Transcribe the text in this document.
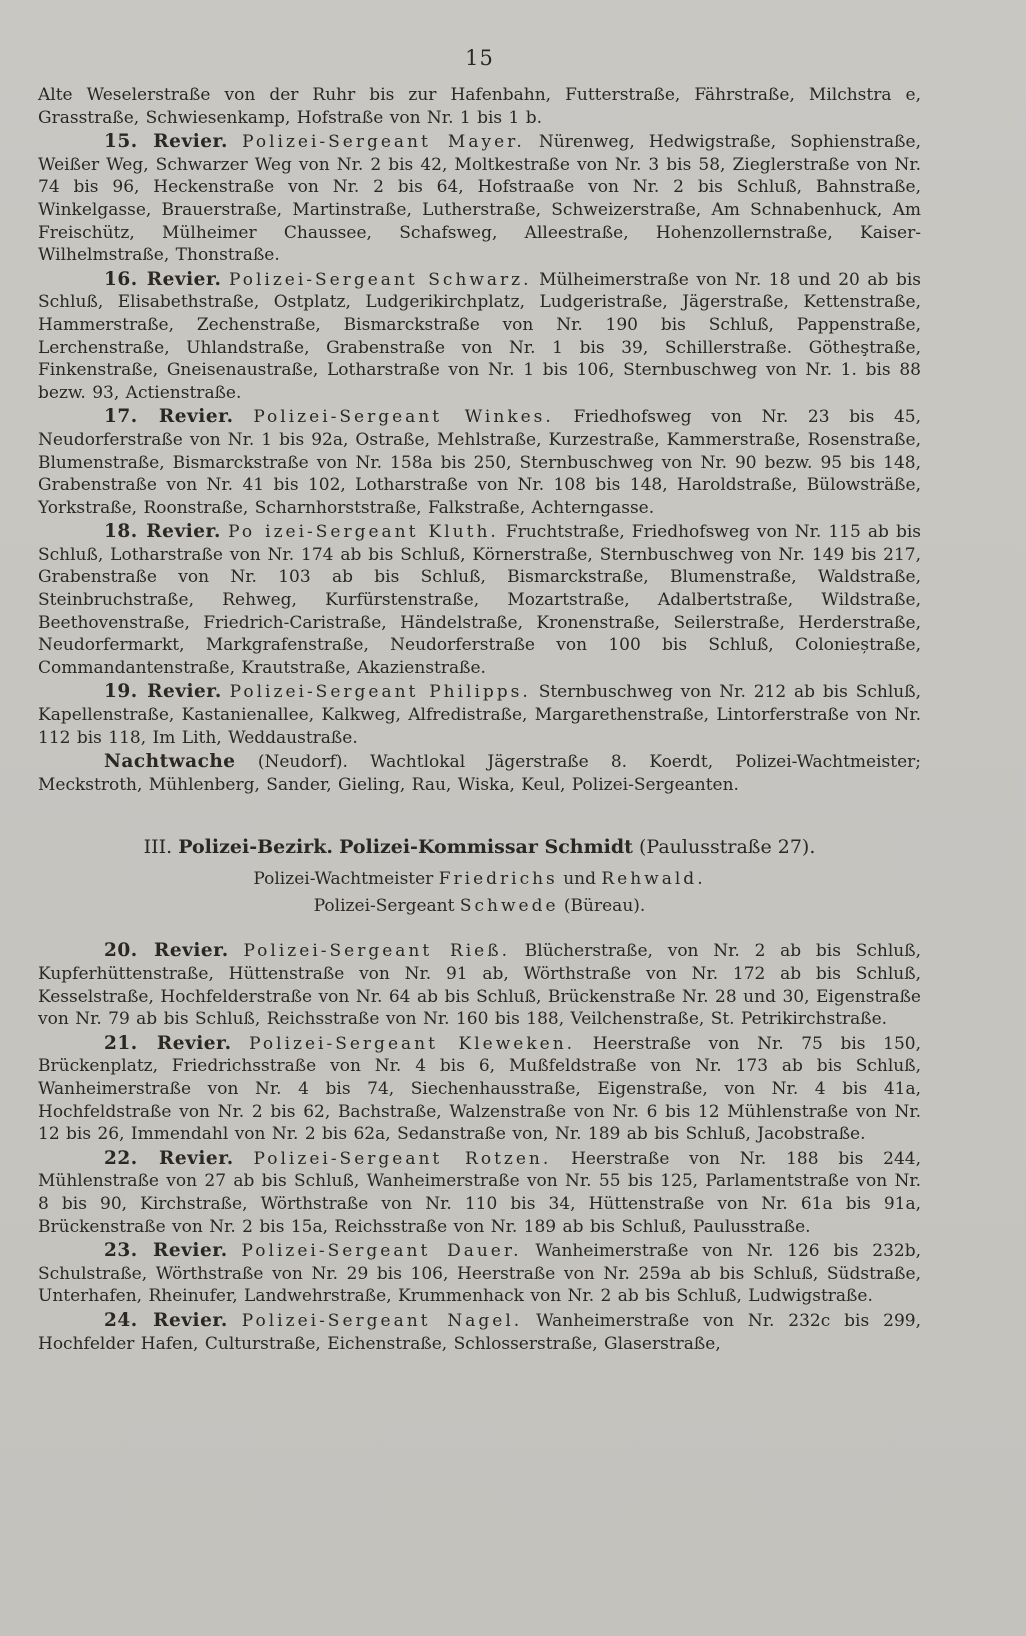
15

Alte Weselerstraße von der Ruhr bis zur Hafenbahn, Futterstraße, Fährstraße, Milchstra e, Grasstraße, Schwiesenkamp, Hofstraße von Nr. 1 bis 1 b.

15. Revier. Polizei-Sergeant Mayer. Nürenweg, Hedwigstraße, Sophienstraße, Weißer Weg, Schwarzer Weg von Nr. 2 bis 42, Moltkestraße von Nr. 3 bis 58, Zieglerstraße von Nr. 74 bis 96, Heckenstraße von Nr. 2 bis 64, Hofstraaße von Nr. 2 bis Schluß, Bahnstraße, Winkelgasse, Brauerstraße, Martinstraße, Lutherstraße, Schweizerstraße, Am Schnabenhuck, Am Freischütz, Mülheimer Chaussee, Schafsweg, Alleestraße, Hohenzollernstraße, Kaiser-Wilhelmstraße, Thonstraße.

16. Revier. Polizei-Sergeant Schwarz. Mülheimerstraße von Nr. 18 und 20 ab bis Schluß, Elisabethstraße, Ostplatz, Ludgerikirchplatz, Ludgeristraße, Jägerstraße, Kettenstraße, Hammerstraße, Zechenstraße, Bismarckstraße von Nr. 190 bis Schluß, Pappenstraße, Lerchenstraße, Uhlandstraße, Grabenstraße von Nr. 1 bis 39, Schillerstraße. Götheştraße, Finkenstraße, Gneisenaustraße, Lotharstraße von Nr. 1 bis 106, Sternbuschweg von Nr. 1. bis 88 bezw. 93, Actienstraße.

17. Revier. Polizei-Sergeant Winkes. Friedhofsweg von Nr. 23 bis 45, Neudorferstraße von Nr. 1 bis 92a, Ostraße, Mehlstraße, Kurzestraße, Kammerstraße, Rosenstraße, Blumenstraße, Bismarckstraße von Nr. 158a bis 250, Sternbuschweg von Nr. 90 bezw. 95 bis 148, Grabenstraße von Nr. 41 bis 102, Lotharstraße von Nr. 108 bis 148, Haroldstraße, Bülowsträße, Yorkstraße, Roonstraße, Scharnhorststraße, Falkstraße, Achterngasse.

18. Revier. Po izei-Sergeant Kluth. Fruchtstraße, Friedhofsweg von Nr. 115 ab bis Schluß, Lotharstraße von Nr. 174 ab bis Schluß, Körnerstraße, Sternbuschweg von Nr. 149 bis 217, Grabenstraße von Nr. 103 ab bis Schluß, Bismarckstraße, Blumenstraße, Waldstraße, Steinbruchstraße, Rehweg, Kurfürstenstraße, Mozartstraße, Adalbertstraße, Wildstraße, Beethovenstraße, Friedrich-Caristraße, Händelstraße, Kronenstraße, Seilerstraße, Herderstraße, Neudorfermarkt, Markgrafenstraße, Neudorferstraße von 100 bis Schluß, Colonieștraße, Commandantenstraße, Krautstraße, Akazienstraße.

19. Revier. Polizei-Sergeant Philipps. Sternbuschweg von Nr. 212 ab bis Schluß, Kapellenstraße, Kastanienallee, Kalkweg, Alfredistraße, Margarethenstraße, Lintorferstraße von Nr. 112 bis 118, Im Lith, Weddaustraße.

Nachtwache (Neudorf). Wachtlokal Jägerstraße 8. Koerdt, Polizei-Wachtmeister; Meckstroth, Mühlenberg, Sander, Gieling, Rau, Wiska, Keul, Polizei-Sergeanten.

III. Polizei-Bezirk. Polizei-Kommissar Schmidt (Paulusstraße 27).

Polizei-Wachtmeister Friedrichs und Rehwald.

Polizei-Sergeant Schwede (Büreau).

20. Revier. Polizei-Sergeant Rieß. Blücherstraße, von Nr. 2 ab bis Schluß, Kupferhüttenstraße, Hüttenstraße von Nr. 91 ab, Wörthstraße von Nr. 172 ab bis Schluß, Kesselstraße, Hochfelderstraße von Nr. 64 ab bis Schluß, Brückenstraße Nr. 28 und 30, Eigenstraße von Nr. 79 ab bis Schluß, Reichsstraße von Nr. 160 bis 188, Veilchenstraße, St. Petrikirchstraße.

21. Revier. Polizei-Sergeant Kleweken. Heerstraße von Nr. 75 bis 150, Brückenplatz, Friedrichsstraße von Nr. 4 bis 6, Mußfeldstraße von Nr. 173 ab bis Schluß, Wanheimerstraße von Nr. 4 bis 74, Siechenhausstraße, Eigenstraße, von Nr. 4 bis 41a, Hochfeldstraße von Nr. 2 bis 62, Bachstraße, Walzenstraße von Nr. 6 bis 12 Mühlenstraße von Nr. 12 bis 26, Immendahl von Nr. 2 bis 62a, Sedanstraße von, Nr. 189 ab bis Schluß, Jacobstraße.

22. Revier. Polizei-Sergeant Rotzen. Heerstraße von Nr. 188 bis 244, Mühlenstraße von 27 ab bis Schluß, Wanheimerstraße von Nr. 55 bis 125, Parlamentstraße von Nr. 8 bis 90, Kirchstraße, Wörthstraße von Nr. 110 bis 34, Hüttenstraße von Nr. 61a bis 91a, Brückenstraße von Nr. 2 bis 15a, Reichsstraße von Nr. 189 ab bis Schluß, Paulusstraße.

23. Revier. Polizei-Sergeant Dauer. Wanheimerstraße von Nr. 126 bis 232b, Schulstraße, Wörthstraße von Nr. 29 bis 106, Heerstraße von Nr. 259a ab bis Schluß, Südstraße, Unterhafen, Rheinufer, Landwehrstraße, Krummenhack von Nr. 2 ab bis Schluß, Ludwigstraße.

24. Revier. Polizei-Sergeant Nagel. Wanheimerstraße von Nr. 232c bis 299, Hochfelder Hafen, Culturstraße, Eichenstraße, Schlosserstraße, Glaserstraße,
